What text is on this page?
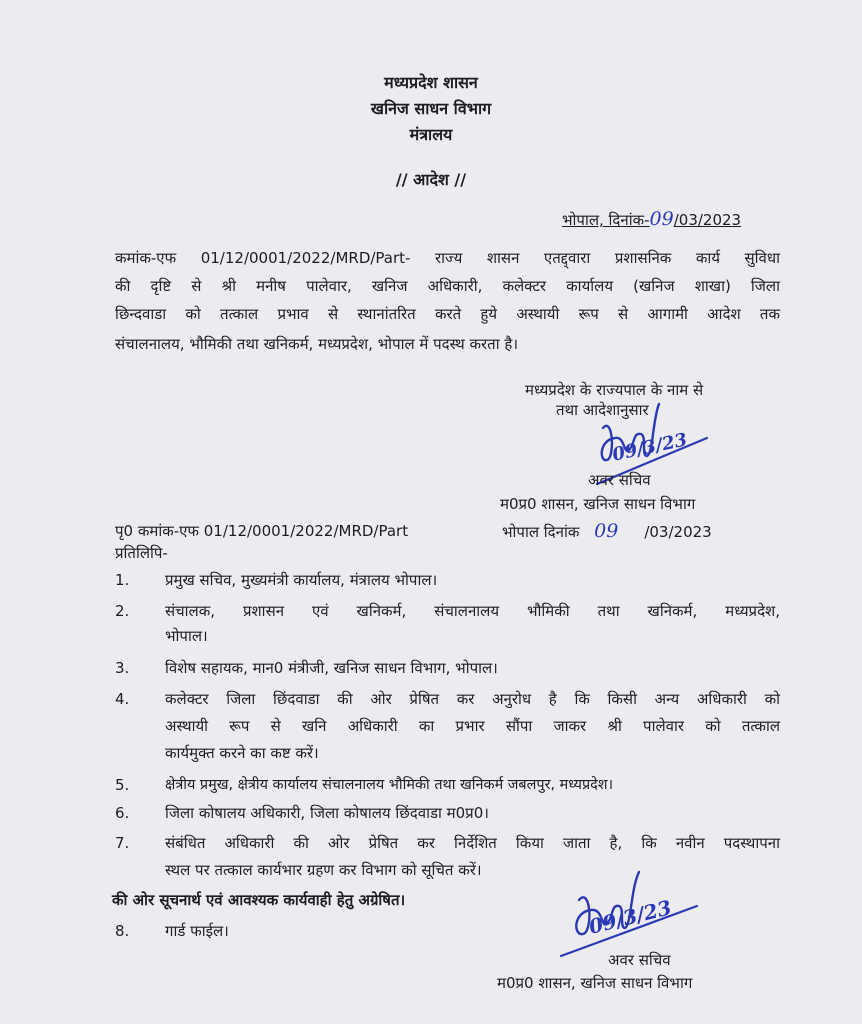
मध्यप्रदेश शासन
खनिज साधन विभाग
मंत्रालय
// आदेश //
भोपाल, दिनांक-09/03/2023
कमांक-एफ 01/12/0001/2022/MRD/Part- राज्य शासन एतद्द्वारा प्रशासनिक कार्य सुविधा
की दृष्टि से श्री मनीष पालेवार, खनिज अधिकारी, कलेक्टर कार्यालय (खनिज शाखा) जिला
छिन्दवाडा को तत्काल प्रभाव से स्थानांतरित करते हुये अस्थायी रूप से आगामी आदेश तक
संचालनालय, भौमिकी तथा खनिकर्म, मध्यप्रदेश, भोपाल में पदस्थ करता है।
मध्यप्रदेश के राज्यपाल के नाम से
तथा आदेशानुसार
09/3/23
अवर सचिव
म0प्र0 शासन, खनिज साधन विभाग
पृ0 कमांक-एफ 01/12/0001/2022/MRD/Part	भोपाल दिनांक 09 /03/2023
प्रतिलिपि-
1. प्रमुख सचिव, मुख्यमंत्री कार्यालय, मंत्रालय भोपाल।
2. संचालक, प्रशासन एवं खनिकर्म, संचालनालय भौमिकी तथा खनिकर्म, मध्यप्रदेश,
भोपाल।
3. विशेष सहायक, मान0 मंत्रीजी, खनिज साधन विभाग, भोपाल।
4. कलेक्टर जिला छिंदवाडा की ओर प्रेषित कर अनुरोध है कि किसी अन्य अधिकारी को
अस्थायी रूप से खनि अधिकारी का प्रभार सौंपा जाकर श्री पालेवार को तत्काल
कार्यमुक्त करने का कष्ट करें।
5. क्षेत्रीय प्रमुख, क्षेत्रीय कार्यालय संचालनालय भौमिकी तथा खनिकर्म जबलपुर, मध्यप्रदेश।
6. जिला कोषालय अधिकारी, जिला कोषालय छिंदवाडा म0प्र0।
7. संबंधित अधिकारी की ओर प्रेषित कर निर्देशित किया जाता है, कि नवीन पदस्थापना
स्थल पर तत्काल कार्यभार ग्रहण कर विभाग को सूचित करें।
की ओर सूचनार्थ एवं आवश्यक कार्यवाही हेतु अग्रेषित।
8. गार्ड फाईल।	09/3/23
अवर सचिव
म0प्र0 शासन, खनिज साधन विभाग
